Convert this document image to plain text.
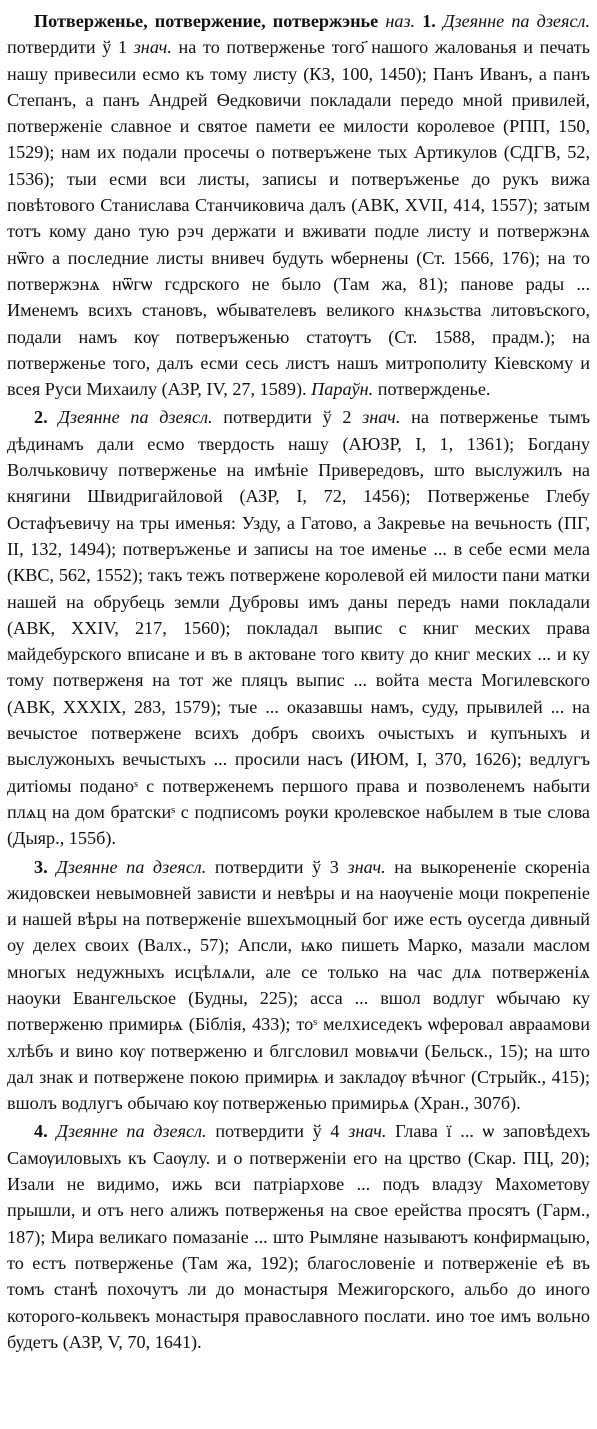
Потверженье, потвержение, потвержэнье наз. 1. Дзеянне па дзеясл. потвердити ў 1 знач. на то потверженье того҃ нашого жалованья и печать нашу привесили есмо къ тому листу (КЗ, 100, 1450); Панъ Иванъ, а панъ Степанъ, а панъ Андрей Ѳедковичи покладали передо мной привилей, потверженіе славное и святое памети ее милости королевое (РПП, 150, 1529); нам их подали просечы о потверъжене тых Артикулов (СДГВ, 52, 1536); тыи есми вси листы, записы и потверъженье до рукъ вижа повѣтового Станислава Станчиковича далъ (АВК, XVII, 414, 1557); затым тотъ кому дано тую рэч держати и вживати подле листу и потвержэнѧ нѿго а последние листы внивеч будуть ѡбернены (Ст. 1566, 176); на то потвержэнѧ нѿгѡ гсдрского не было (Там жа, 81); панове рады ... Именемъ всихъ становъ, ѡбывателевъ великого кнѧзьства литовъского, подали намъ кѹ потверъженью статѹтъ (Ст. 1588, прадм.); на потверженье того, далъ есми сесь листъ нашъ митрополиту Кіевскому и всея Руси Михаилу (АЗР, IV, 27, 1589). Параўн. потвержденье.

2. Дзеянне па дзеясл. потвердити ў 2 знач. на потверженье тымъ дѣдинамъ дали есмо твердость нашу (АЮЗР, I, 1, 1361); Богдану Волчьковичу потверженье на имѣніе Привередовъ, што выслужилъ на княгини Швидригайловой (АЗР, I, 72, 1456); Потверженье Глебу Остафъевичу на тры именья: Узду, а Гатово, а Закревье на вечьность (ПГ, II, 132, 1494); потверъженье и записы на тое именье ... в себе есми мела (КВС, 562, 1552); такъ тежъ потвержене королевой ей милости пани матки нашей на обрубець земли Дубровы имъ даны передъ нами покладали (АВК, XXIV, 217, 1560); покладал выпис с книг меских права майдебурского вписане и въ в актоване того квиту до книг меских ... и ку тому потверженя на тот же пляцъ выпис ... войта места Могилевского (АВК, XXXIX, 283, 1579); тые ... оказавшы намъ, суду, прывилей ... на вечыстое потвержене всихъ добръ своихъ очыстыхъ и купъныхъ и выслужоныхъ вечыстыхъ ... просили насъ (ИЮМ, I, 370, 1626); ведлугъ дитіомы поданоˢ с потверженемъ першого права и позволенемъ набыти плѧц на дом братскиˢ с подписомъ рѹки кролевское набылем в тые слова (Дыяр., 155б).

3. Дзеянне па дзеясл. потвердити ў 3 знач. на выкорененіе скореніа жидовскеи невымовней зависти и невѣры и на наѹченіе моци покрепеніе и нашей вѣры на потверженіе вшехъмоцный бог иже есть оусегда дивный оу делех своих (Валх., 57); Апсли, ѩко пишеть Марко, мазали маслом многых недужныхъ исцѣлѧли, але се только на час длѧ потверженіѧ наоуки Евангельское (Будны, 225); асса ... вшол водлуг ѡбычаю ку потверженю примирѩ (Біблія, 433); тоˢ мелхиседекъ ѡферовал авраамови хлѣбъ и вино кѹ потверженю и блгсловил мовѩчи (Бельск., 15); на што дал знак и потвержене покою примирѩ и закладѹ вѣчног (Стрыйк., 415); вшолъ водлугъ обычаю кѹ потверженью примирьѧ (Хран., 307б).

4. Дзеянне па дзеясл. потвердити ў 4 знач. Глава ї ... ѡ заповѣдехъ Самѹиловыхъ къ Саѹлу. и о потверженіи его на црство (Скар. ПЦ, 20); Изали не видимо, ижь вси патріархове ... подъ владзу Махометову прышли, и отъ него алижъ потверженья на свое ерейства просятъ (Гарм., 187); Мира великаго помазаніе ... што Рымляне называютъ конфирмацыю, то естъ потверженье (Там жа, 192); благословеніе и потверженіе еѣ въ томъ станѣ похочутъ ли до монастыря Межигорского, альбо до иного которого-кольвекъ монастыря православного послати. ино тое имъ вольно будетъ (АЗР, V, 70, 1641).
